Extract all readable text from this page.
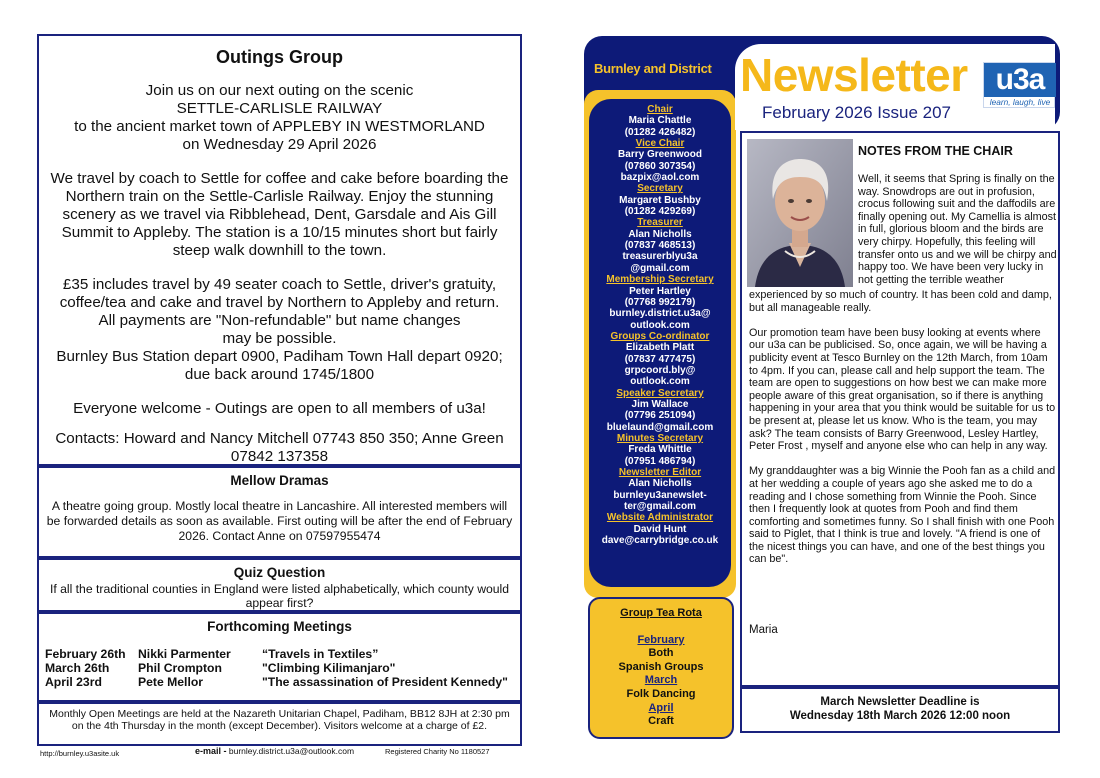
Outings Group

Join us on our next outing on the scenic
SETTLE-CARLISLE RAILWAY
to the ancient market town of APPLEBY IN WESTMORLAND
on Wednesday 29 April 2026

We travel by coach to Settle for coffee and cake before boarding the Northern train on the Settle-Carlisle Railway. Enjoy the stunning scenery as we travel via Ribblehead, Dent, Garsdale and Ais Gill Summit to Appleby. The station is a 10/15 minutes short but fairly steep walk downhill to the town.

£35 includes travel by 49 seater coach to Settle, driver's gratuity, coffee/tea and cake and travel by Northern to Appleby and return.
All payments are "Non-refundable" but name changes
may be possible.
Burnley Bus Station depart 0900, Padiham Town Hall depart 0920; due back around 1745/1800

Everyone welcome - Outings are open to all members of u3a!

Contacts: Howard and Nancy Mitchell 07743 850 350; Anne Green 07842 137358

Mellow Dramas

A theatre going group. Mostly local theatre in Lancashire. All interested members will be forwarded details as soon as available. First outing will be after the end of February 2026. Contact Anne on 07597955474

Quiz Question

If all the traditional counties in England were listed alphabetically, which county would appear first?

Forthcoming Meetings
February 26th	Nikki Parmenter	“Travels in Textiles”
March 26th	Phil Crompton	"Climbing Kilimanjaro"
April 23rd	Pete Mellor	"The assassination of President Kennedy"
Monthly Open Meetings are held at the Nazareth Unitarian Chapel, Padiham, BB12 8JH at 2:30 pm on the 4th Thursday in the month (except December). Visitors welcome at a charge of £2.
http://burnley.u3asite.uk	e-mail - burnley.district.u3a@outlook.com	Registered Charity No 1180527
Burnley and District Newsletter
February 2026 Issue 207
u3a
learn, laugh, live
Chair
Maria Chattle
(01282 426482)
Vice Chair
Barry Greenwood
(07860 307354)
bazpix@aol.com
Secretary
Margaret Bushby
(01282 429269)
Treasurer
Alan Nicholls
(07837 468513)
treasurerblyu3a
@gmail.com
Membership Secretary
Peter Hartley
(07768 992179)
burnley.district.u3a@
outlook.com
Groups Co-ordinator
Elizabeth Platt
(07837 477475)
grpcoord.bly@
outlook.com
Speaker Secretary
Jim Wallace
(07796 251094)
bluelaund@gmail.com
Minutes Secretary
Freda Whittle
(07951 486794)
Newsletter Editor
Alan Nicholls
burnleyu3anewslet-
ter@gmail.com
Website Administrator
David Hunt
dave@carrybridge.co.uk
Group Tea Rota
February
Both
Spanish Groups
March
Folk Dancing
April
Craft
NOTES FROM THE CHAIR
Well, it seems that Spring is finally on the way. Snowdrops are out in profusion, crocus following suit and the daffodils are finally opening out. My Camellia is almost in full, glorious bloom and the birds are very chirpy. Hopefully, this feeling will transfer onto us and we will be chirpy and happy too. We have been very lucky in not getting the terrible weather

experienced by so much of country. It has been cold and damp, but all manageable really.

Our promotion team have been busy looking at events where our u3a can be publicised. So, once again, we will be having a publicity event at Tesco Burnley on the 12th March, from 10am to 4pm. If you can, please call and help support the team. The team are open to suggestions on how best we can make more people aware of this great organisation, so if there is anything happening in your area that you think would be suitable for us to be present at, please let us know. Who is the team, you may ask? The team consists of Barry Greenwood, Lesley Hartley, Peter Frost , myself and anyone else who can help in any way.

My granddaughter was a big Winnie the Pooh fan as a child and at her wedding a couple of years ago she asked me to do a reading and I chose something from Winnie the Pooh. Since then I frequently look at quotes from Pooh and find them comforting and sometimes funny. So I shall finish with one Pooh said to Piglet, that I think is true and lovely. "A friend is one of the nicest things you can have, and one of the best things you can be".

Maria
March Newsletter Deadline is
Wednesday 18th March 2026 12:00 noon
